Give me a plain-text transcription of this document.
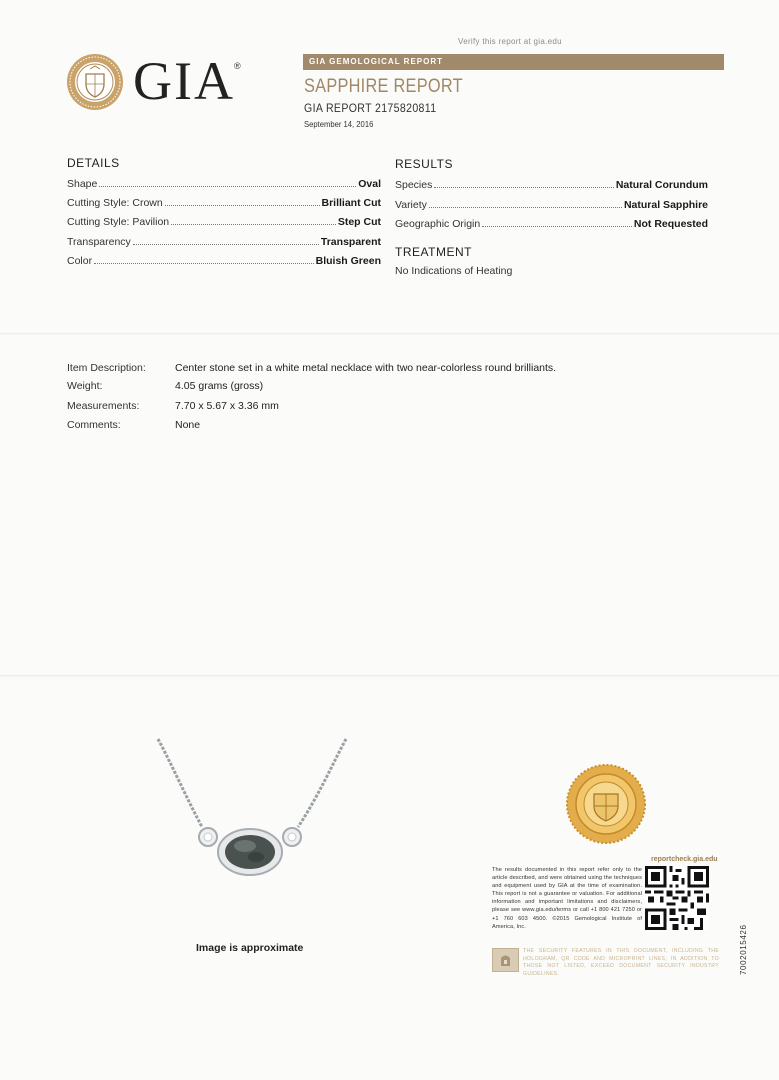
Verify this report at gia.edu
GIA ®	GIA GEMOLOGICAL REPORT
SAPPHIRE REPORT
GIA REPORT 2175820811
September 14, 2016
DETAILS
Shape	Oval
Cutting Style: Crown	Brilliant Cut
Cutting Style: Pavilion	Step Cut
Transparency	Transparent
Color	Bluish Green
RESULTS
Species	Natural Corundum
Variety	Natural Sapphire
Geographic Origin	Not Requested
TREATMENT
No Indications of Heating
Item Description:	Center stone set in a white metal necklace with two near-colorless round brilliants.
Weight:	4.05 grams (gross)
Measurements:	7.70 x 5.67 x 3.36 mm
Comments:	None
Image is approximate
reportcheck.gia.edu
The results documented in this report refer only to the article described, and were obtained using the techniques and equipment used by GIA at the time of examination. This report is not a guarantee or valuation. For additional information and important limitations and disclaimers, please see www.gia.edu/terms or call +1 800 421 7250 or +1 760 603 4500. ©2015 Gemological Institute of America, Inc.
THE SECURITY FEATURES IN THIS DOCUMENT, INCLUDING THE HOLOGRAM, QR CODE AND MICROPRINT LINES, IN ADDITION TO THOSE NOT LISTED, EXCEED DOCUMENT SECURITY INDUSTRY GUIDELINES.	7002015426
